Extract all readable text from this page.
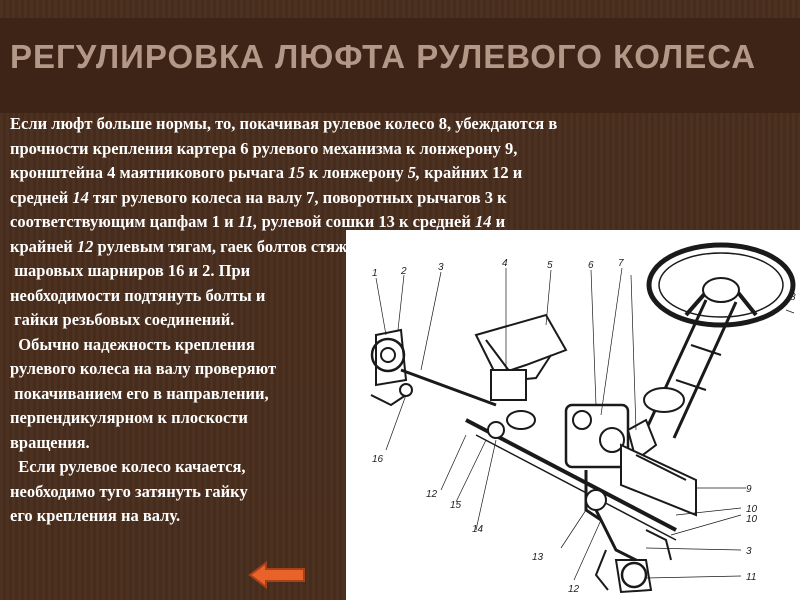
РЕГУЛИРОВКА ЛЮФТА РУЛЕВОГО КОЛЕСА
1 2	3	4	5	6 7
8
9
10
10
3
11
12
13
14
15
12
16
Если люфт больше нормы, то, покачивая рулевое колесо 8, убеждаются в
прочности крепления картера 6 рулевого механизма к лонжерону 9,
кронштейна 4 маятникового рычага 15 к лонжерону 5, крайних 12 и
средней 14 тяг рулевого колеса на валу 7, поворотных рычагов 3 к
соответствующим цапфам 1 и 11, рулевой сошки 13 к средней 14 и
крайней 12 рулевым тягам, гаек болтов стяжных хомутов 10 и гаек пальцев
шаровых шарниров 16 и 2. При
необходимости подтянуть болты и
гайки резьбовых соединений.
Обычно надежность крепления
рулевого колеса на валу проверяют
покачиванием его в направлении,
перпендикулярном к плоскости
вращения.
Если рулевое колесо качается,
необходимо туго затянуть гайку
его крепления на валу.
